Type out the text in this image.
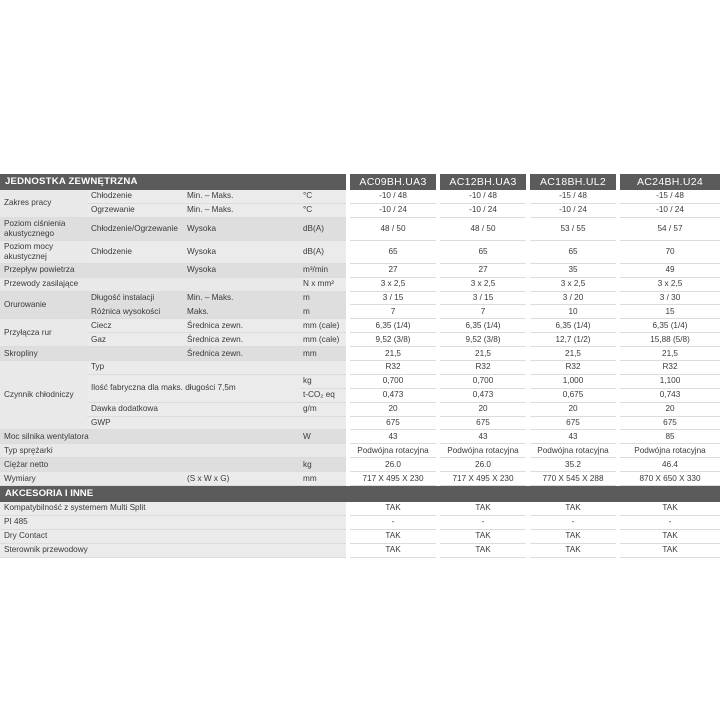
JEDNOSTKA ZEWNĘTRZNA					AC09BH.UA3		AC12BH.UA3		AC18BH.UL2		AC24BH.U24
Zakres pracy	Chłodzenie	Min. – Maks.	°C		-10 / 48		-10 / 48		-15 / 48		-15 / 48
	Ogrzewanie	Min. – Maks.	°C		-10 / 24		-10 / 24		-10 / 24		-10 / 24
Poziom ciśnienia akustycznego	Chłodzenie/Ogrzewanie	Wysoka	dB(A)		48 / 50		48 / 50		53 / 55		54 / 57
Poziom mocy akustycznej	Chłodzenie	Wysoka	dB(A)		65		65		65		70
Przepływ powietrza		Wysoka	m³/min		27		27		35		49
Przewody zasilające			N x mm²		3 x 2,5		3 x 2,5		3 x 2,5		3 x 2,5
Orurowanie	Długość instalacji	Min. – Maks.	m		3 / 15		3 / 15		3 / 20		3 / 30
	Różnica wysokości	Maks.	m		7		7		10		15
Przyłącza rur	Ciecz	Średnica zewn.	mm (cale)		6,35 (1/4)		6,35 (1/4)		6,35 (1/4)		6,35 (1/4)
	Gaz	Średnica zewn.	mm (cale)		9,52 (3/8)		9,52 (3/8)		12,7 (1/2)		15,88 (5/8)
Skropliny		Średnica zewn.	mm		21,5		21,5		21,5		21,5
Czynnik chłodniczy	Typ				R32		R32		R32		R32
	Ilość fabryczna dla maks. długości 7,5m		kg		0,700		0,700		1,000		1,100
			t-CO₂ eq		0,473		0,473		0,675		0,743
	Dawka dodatkowa		g/m		20		20		20		20
	GWP				675		675		675		675
Moc silnika wentylatora			W		43		43		43		85
Typ sprężarki					Podwójna rotacyjna		Podwójna rotacyjna		Podwójna rotacyjna		Podwójna rotacyjna
Ciężar netto			kg		26.0		26.0		35.2		46.4
Wymiary		(S x W x G)	mm		717 X 495 X 230		717 X 495 X 230		770 X 545 X 288		870 X 650 X 330
AKCESORIA I INNE											
Kompatybilność z systemem Multi Split					TAK		TAK		TAK		TAK
PI 485					-		-		-		-
Dry Contact					TAK		TAK		TAK		TAK
Sterownik przewodowy					TAK		TAK		TAK		TAK
